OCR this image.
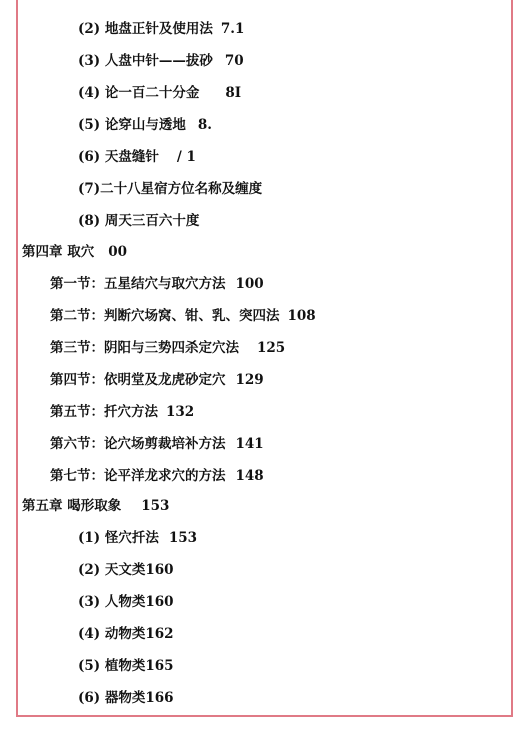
(2) 地盘正针及使用法 7.1
(3) 人盘中针——拔砂 70
(4) 论一百二十分金 8I
(5) 论穿山与透地 8.
(6) 天盘缝针 / 1
(7)二十八星宿方位名称及缠度
(8) 周天三百六十度
第四章 取穴 00
第一节：五星结穴与取穴方法 100
第二节：判断穴场窝、钳、乳、突四法 108
第三节：阴阳与三势四杀定穴法 125
第四节：依明堂及龙虎砂定穴 129
第五节：扦穴方法 132
第六节：论穴场剪裁培补方法 141
第七节：论平洋龙求穴的方法 148
第五章 喝形取象 153
(1) 怪穴扦法 153
(2) 天文类160
(3) 人物类160
(4) 动物类162
(5) 植物类165
(6) 器物类166
